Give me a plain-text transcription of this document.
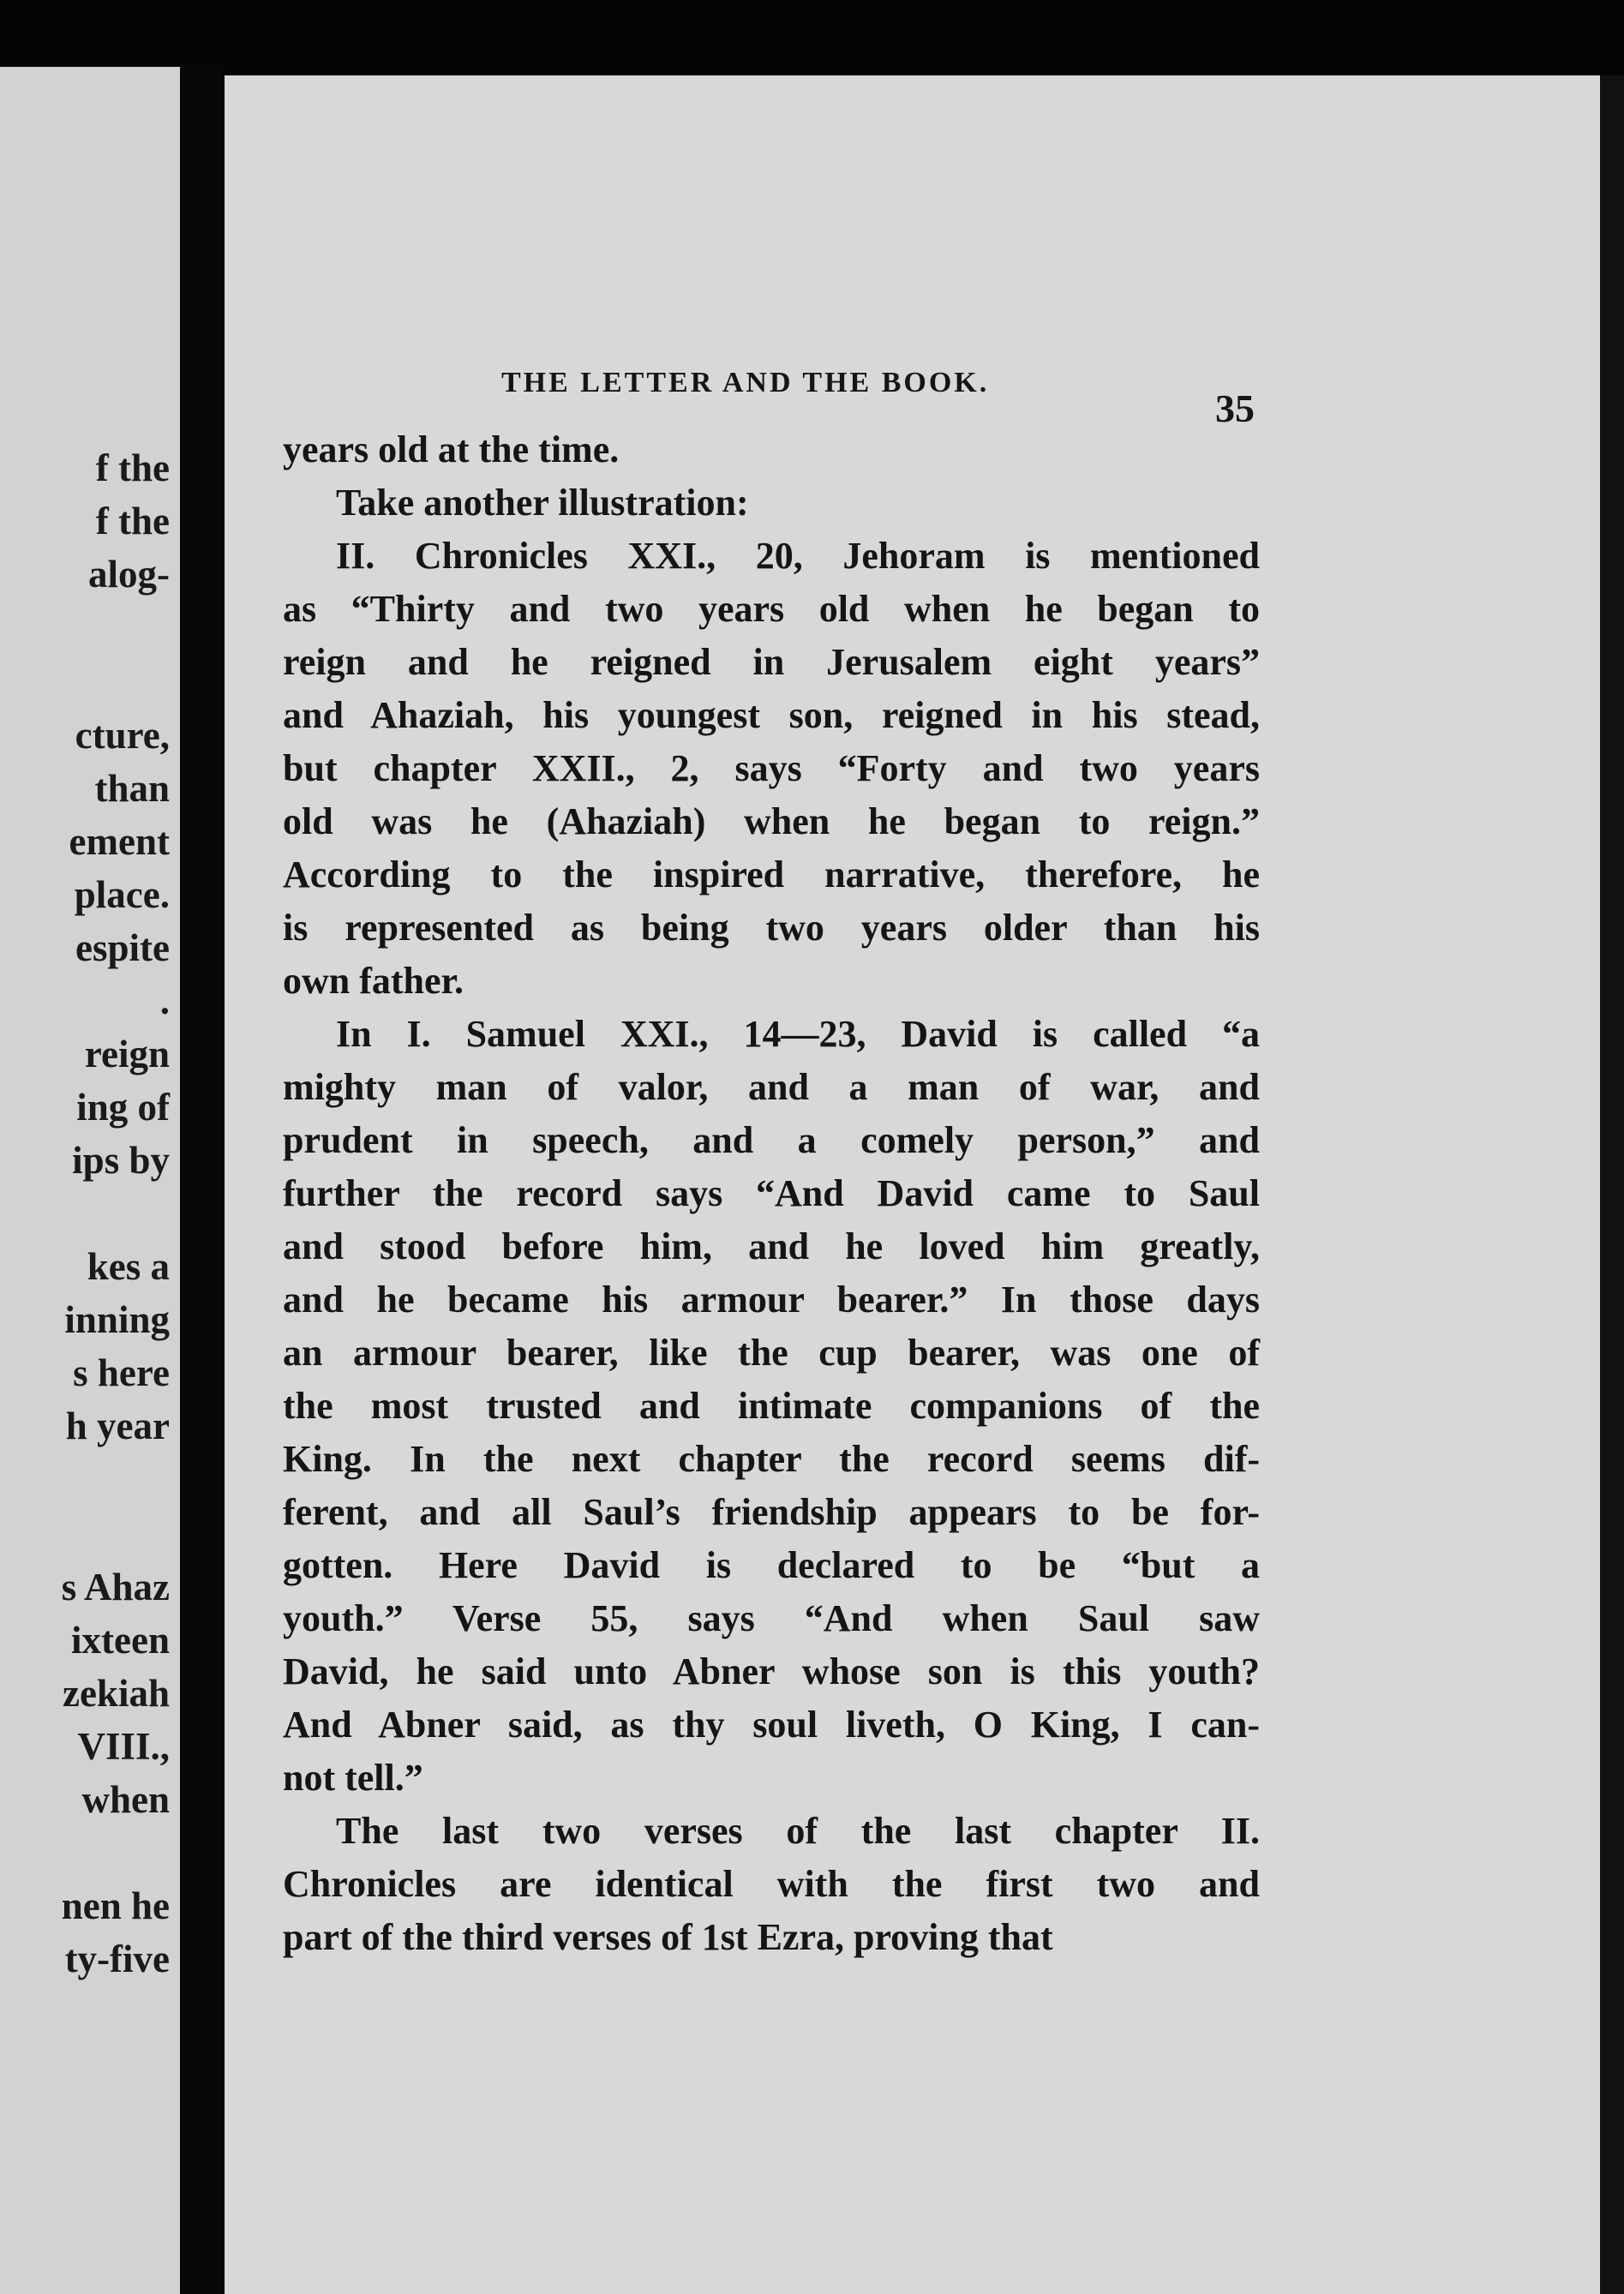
f the
f the
alog-
cture,
than
ement
place.
espite
.
reign
ing of
ips by
kes a
inning
s here
h year
s Ahaz
ixteen
zekiah
VIII.,
when
nen he
ty-five
THE LETTER AND THE BOOK.
35
years old at the time.
Take another illustration:
II. Chronicles XXI., 20, Jehoram is mentioned
as “Thirty and two years old when he began to
reign and he reigned in Jerusalem eight years”
and Ahaziah, his youngest son, reigned in his stead,
but chapter XXII., 2, says “Forty and two years
old was he (Ahaziah) when he began to reign.”
According to the inspired narrative, therefore, he
is represented as being two years older than his
own father.
In I. Samuel XXI., 14—23, David is called “a
mighty man of valor, and a man of war, and
prudent in speech, and a comely person,” and
further the record says “And David came to Saul
and stood before him, and he loved him greatly,
and he became his armour bearer.” In those days
an armour bearer, like the cup bearer, was one of
the most trusted and intimate companions of the
King. In the next chapter the record seems dif-
ferent, and all Saul’s friendship appears to be for-
gotten. Here David is declared to be “but a
youth.” Verse 55, says “And when Saul saw
David, he said unto Abner whose son is this youth?
And Abner said, as thy soul liveth, O King, I can-
not tell.”
The last two verses of the last chapter II.
Chronicles are identical with the first two and
part of the third verses of 1st Ezra, proving that
